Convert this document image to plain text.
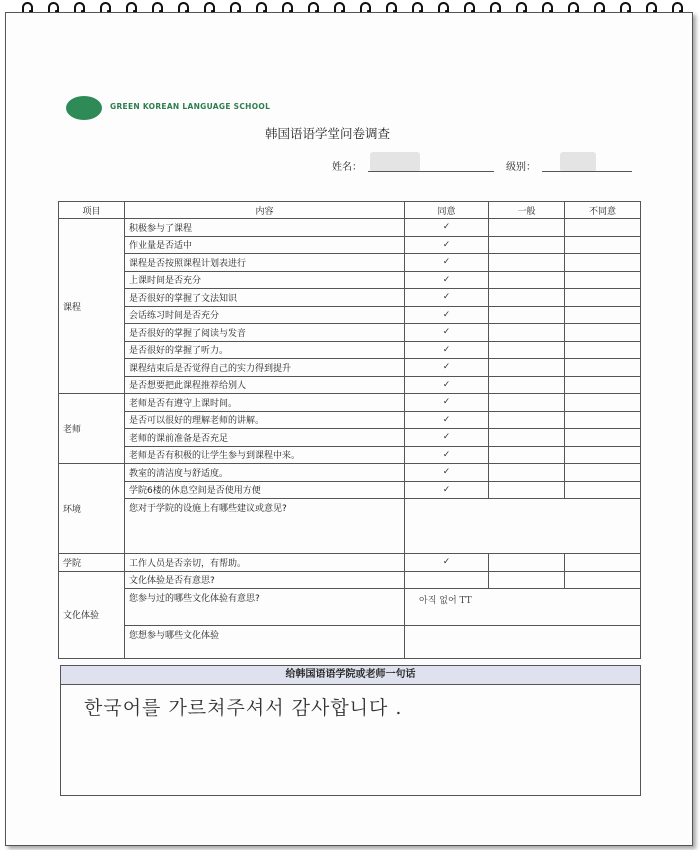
GREEN KOREAN LANGUAGE SCHOOL
韩国语语学堂问卷调查
姓名：	级别：
项目	内容	同意	一般	不同意
课程	积极参与了课程	✓		
	作业量是否适中	✓		
	课程是否按照课程计划表进行	✓		
	上课时间是否充分	✓		
	是否很好的掌握了文法知识	✓		
	会话练习时间是否充分	✓		
	是否很好的掌握了阅读与发音	✓		
	是否很好的掌握了听力。	✓		
	课程结束后是否觉得自己的实力得到提升	✓		
	是否想要把此课程推荐给别人	✓		
老师	老师是否有遵守上课时间。	✓		
	是否可以很好的理解老师的讲解。	✓		
	老师的课前准备是否充足	✓		
	老师是否有积极的让学生参与到课程中来。	✓		
环境	教室的清洁度与舒适度。	✓		
	学院6楼的休息空间是否使用方便	✓		
	您对于学院的设施上有哪些建议或意见?			
学院	工作人员是否亲切，有帮助。	✓		
文化体验	文化体验是否有意思?			
	您参与过的哪些文化体验有意思?	아직 없어 TT		
	您想参与哪些文化体验			
给韩国语语学院或老师一句话
한국어를 가르쳐주셔서 감사합니다 .
